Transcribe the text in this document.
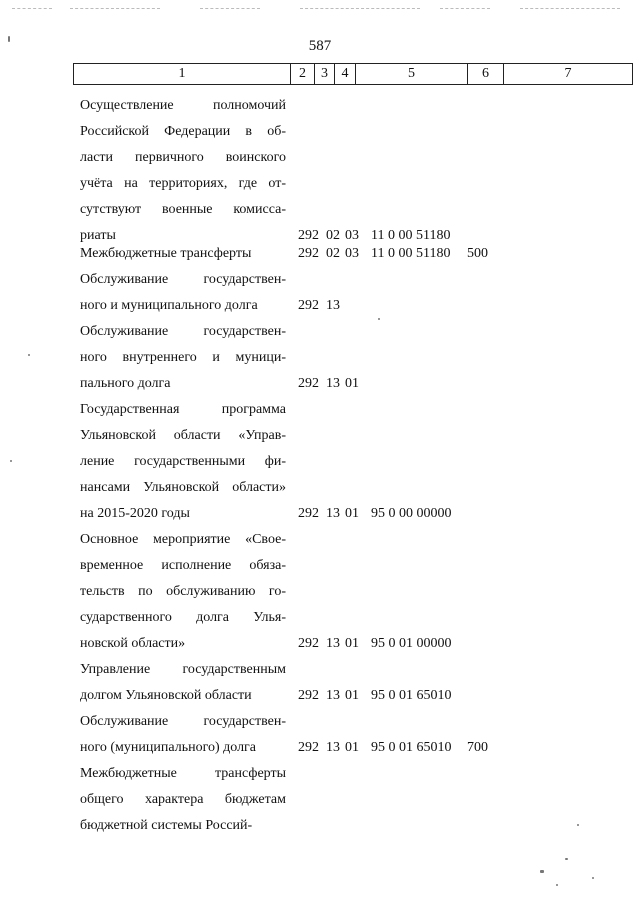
587
1	2	3 4	5	6	7
Осуществление полномочий
Российской Федерации в об-
ласти первичного воинского
учёта на территориях, где от-
сутствуют военные комисса-
риаты	292 02 03 11 0 00 51180
Межбюджетные трансферты	292 02 03 11 0 00 51180 500
Обслуживание государствен-
ного и муниципального долга	292 13
Обслуживание государствен-
ного внутреннего и муници-
пального долга	292 13 01
Государственная программа
Ульяновской области «Управ-
ление государственными фи-
нансами Ульяновской области»
на 2015-2020 годы	292 13 01 95 0 00 00000
Основное мероприятие «Свое-
временное исполнение обяза-
тельств по обслуживанию го-
сударственного долга Улья-
новской области»	292 13 01 95 0 01 00000
Управление государственным
долгом Ульяновской области	292 13 01 95 0 01 65010
Обслуживание государствен-
ного (муниципального) долга	292 13 01 95 0 01 65010 700
Межбюджетные трансферты
общего характера бюджетам
бюджетной системы Россий-
